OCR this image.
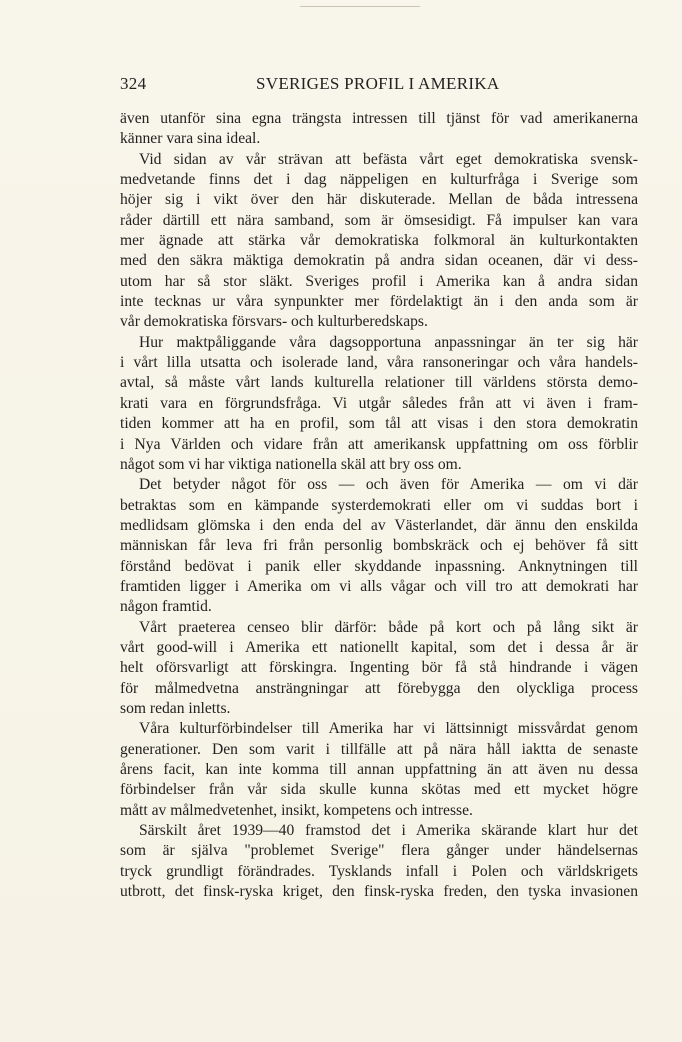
324	SVERIGES PROFIL I AMERIKA
även utanför sina egna trängsta intressen till tjänst för vad amerikanerna
känner vara sina ideal.
Vid sidan av vår strävan att befästa vårt eget demokratiska svensk-
medvetande finns det i dag näppeligen en kulturfråga i Sverige som
höjer sig i vikt över den här diskuterade. Mellan de båda intressena
råder därtill ett nära samband, som är ömsesidigt. Få impulser kan vara
mer ägnade att stärka vår demokratiska folkmoral än kulturkontakten
med den säkra mäktiga demokratin på andra sidan oceanen, där vi dess-
utom har så stor släkt. Sveriges profil i Amerika kan å andra sidan
inte tecknas ur våra synpunkter mer fördelaktigt än i den anda som är
vår demokratiska försvars- och kulturberedskaps.
Hur maktpåliggande våra dagsopportuna anpassningar än ter sig här
i vårt lilla utsatta och isolerade land, våra ransoneringar och våra handels-
avtal, så måste vårt lands kulturella relationer till världens största demo-
krati vara en förgrundsfråga. Vi utgår således från att vi även i fram-
tiden kommer att ha en profil, som tål att visas i den stora demokratin
i Nya Världen och vidare från att amerikansk uppfattning om oss förblir
något som vi har viktiga nationella skäl att bry oss om.
Det betyder något för oss — och även för Amerika — om vi där
betraktas som en kämpande systerdemokrati eller om vi suddas bort i
medlidsam glömska i den enda del av Västerlandet, där ännu den enskilda
människan får leva fri från personlig bombskräck och ej behöver få sitt
förstånd bedövat i panik eller skyddande inpassning. Anknytningen till
framtiden ligger i Amerika om vi alls vågar och vill tro att demokrati har
någon framtid.
Vårt praeterea censeo blir därför: både på kort och på lång sikt är
vårt good-will i Amerika ett nationellt kapital, som det i dessa år är
helt oförsvarligt att förskingra. Ingenting bör få stå hindrande i vägen
för målmedvetna ansträngningar att förebygga den olyckliga process
som redan inletts.
Våra kulturförbindelser till Amerika har vi lättsinnigt missvårdat genom
generationer. Den som varit i tillfälle att på nära håll iaktta de senaste
årens facit, kan inte komma till annan uppfattning än att även nu dessa
förbindelser från vår sida skulle kunna skötas med ett mycket högre
mått av målmedvetenhet, insikt, kompetens och intresse.
Särskilt året 1939—40 framstod det i Amerika skärande klart hur det
som är själva "problemet Sverige" flera gånger under händelsernas
tryck grundligt förändrades. Tysklands infall i Polen och världskrigets
utbrott, det finsk-ryska kriget, den finsk-ryska freden, den tyska invasionen
